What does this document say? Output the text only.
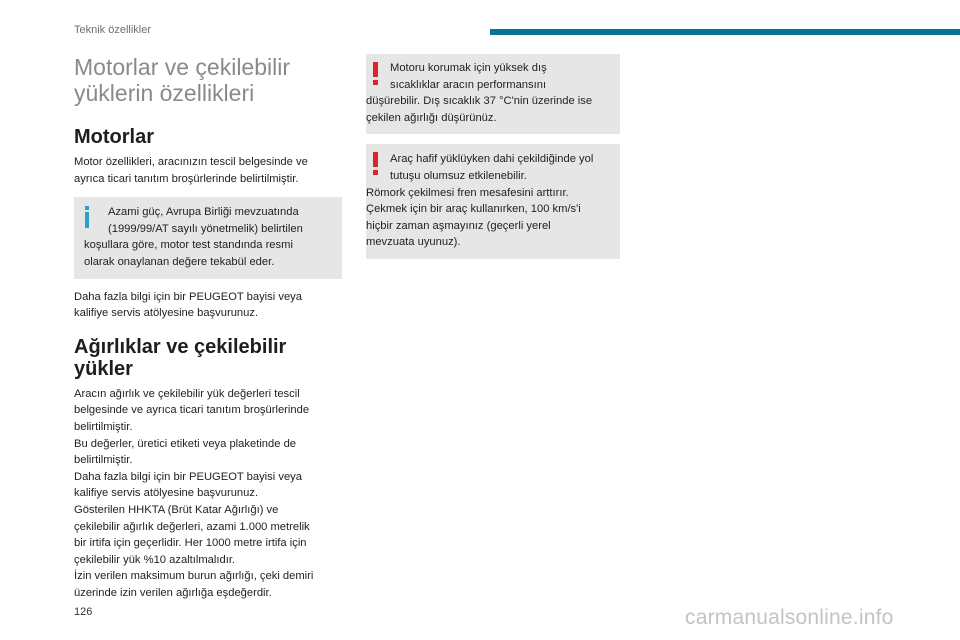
Teknik özellikler
Motorlar ve çekilebilir
yüklerin özellikleri
Motorlar
Motor özellikleri, aracınızın tescil belgesinde ve
ayrıca ticari tanıtım broşürlerinde belirtilmiştir.
Azami güç, Avrupa Birliği mevzuatında
(1999/99/AT sayılı yönetmelik) belirtilen
koşullara göre, motor test standında resmi
olarak onaylanan değere tekabül eder.
Daha fazla bilgi için bir PEUGEOT bayisi veya
kalifiye servis atölyesine başvurunuz.
Ağırlıklar ve çekilebilir
yükler
Aracın ağırlık ve çekilebilir yük değerleri tescil
belgesinde ve ayrıca ticari tanıtım broşürlerinde
belirtilmiştir.
Bu değerler, üretici etiketi veya plaketinde de
belirtilmiştir.
Daha fazla bilgi için bir PEUGEOT bayisi veya
kalifiye servis atölyesine başvurunuz.
Gösterilen HHKTA (Brüt Katar Ağırlığı) ve
çekilebilir ağırlık değerleri, azami 1.000 metrelik
bir irtifa için geçerlidir. Her 1000 metre irtifa için
çekilebilir yük %10 azaltılmalıdır.
İzin verilen maksimum burun ağırlığı, çeki demiri
üzerinde izin verilen ağırlığa eşdeğerdir.
Motoru korumak için yüksek dış
sıcaklıklar aracın performansını
düşürebilir. Dış sıcaklık 37 °C'nin üzerinde ise
çekilen ağırlığı düşürünüz.
Araç hafif yüklüyken dahi çekildiğinde yol
tutuşu olumsuz etkilenebilir.
Römork çekilmesi fren mesafesini arttırır.
Çekmek için bir araç kullanırken, 100 km/s'i
hiçbir zaman aşmayınız (geçerli yerel
mevzuata uyunuz).
126	carmanualsonline.info
